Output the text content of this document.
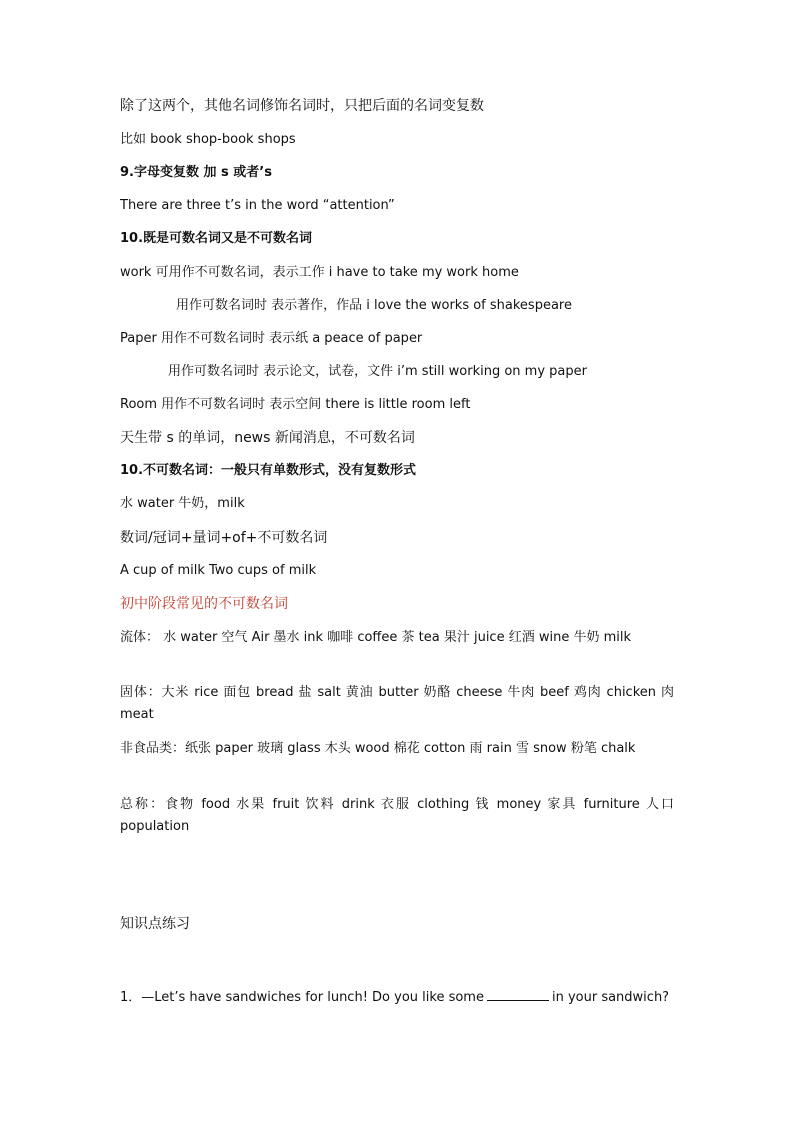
除了这两个，其他名词修饰名词时，只把后面的名词变复数
比如 book shop-book shops
9.字母变复数 加 s 或者’s
There are three t’s in the word “attention”
10.既是可数名词又是不可数名词
work 可用作不可数名词，表示工作 i have to take my work home
用作可数名词时 表示著作，作品 i love the works of shakespeare
Paper 用作不可数名词时 表示纸 a peace of paper
用作可数名词时 表示论文，试卷，文件 i’m still working on my paper
Room 用作不可数名词时 表示空间 there is little room left
天生带 s 的单词，news 新闻消息，不可数名词
10.不可数名词：一般只有单数形式，没有复数形式
水 water 牛奶，milk
数词/冠词+量词+of+不可数名词
A cup of milk Two cups of milk
初中阶段常见的不可数名词
流体： 水 water 空气 Air 墨水 ink 咖啡 coffee 茶 tea 果汁 juice 红酒 wine 牛奶 milk
固体：大米 rice 面包 bread 盐 salt 黄油 butter 奶酪 cheese 牛肉 beef 鸡肉 chicken 肉 meat
非食品类：纸张 paper 玻璃 glass 木头 wood 棉花 cotton 雨 rain 雪 snow 粉笔 chalk
总称：食物 food 水果 fruit 饮料 drink 衣服 clothing 钱 money 家具 furniture 人口 population
知识点练习
1．—Let’s have sandwiches for lunch! Do you like some	in your sandwich?
